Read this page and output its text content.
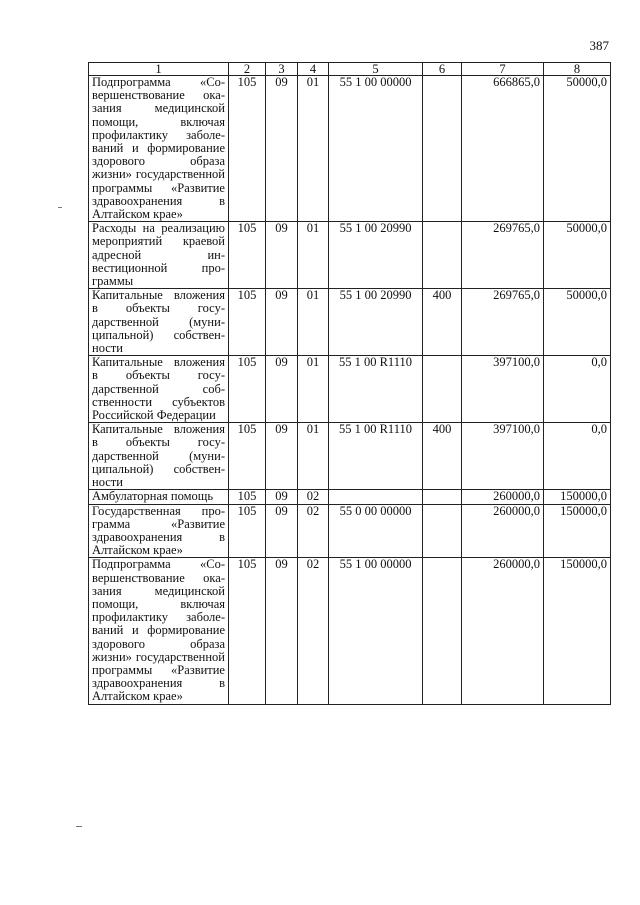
387
1	2	3	4	5	6	7	8
Подпрограмма «Совершенствование оказания медицинской помощи, включая профилактику заболеваний и формирование здорового образа жизни» государственной программы «Развитие здравоохранения в Алтайском крае»	105	09	01	55 1 00 00000		666865,0	50000,0
Расходы на реализацию мероприятий краевой адресной инвестиционной программы	105	09	01	55 1 00 20990		269765,0	50000,0
Капитальные вложения в объекты государственной (муниципальной) собственности	105	09	01	55 1 00 20990	400	269765,0	50000,0
Капитальные вложения в объекты государственной собственности субъектов Российской Федерации	105	09	01	55 1 00 R1110		397100,0	0,0
Капитальные вложения в объекты государственной (муниципальной) собственности	105	09	01	55 1 00 R1110	400	397100,0	0,0
Амбулаторная помощь	105	09	02			260000,0	150000,0
Государственная программа «Развитие здравоохранения в Алтайском крае»	105	09	02	55 0 00 00000		260000,0	150000,0
Подпрограмма «Совершенствование оказания медицинской помощи, включая профилактику заболеваний и формирование здорового образа жизни» государственной программы «Развитие здравоохранения в Алтайском крае»	105	09	02	55 1 00 00000		260000,0	150000,0
